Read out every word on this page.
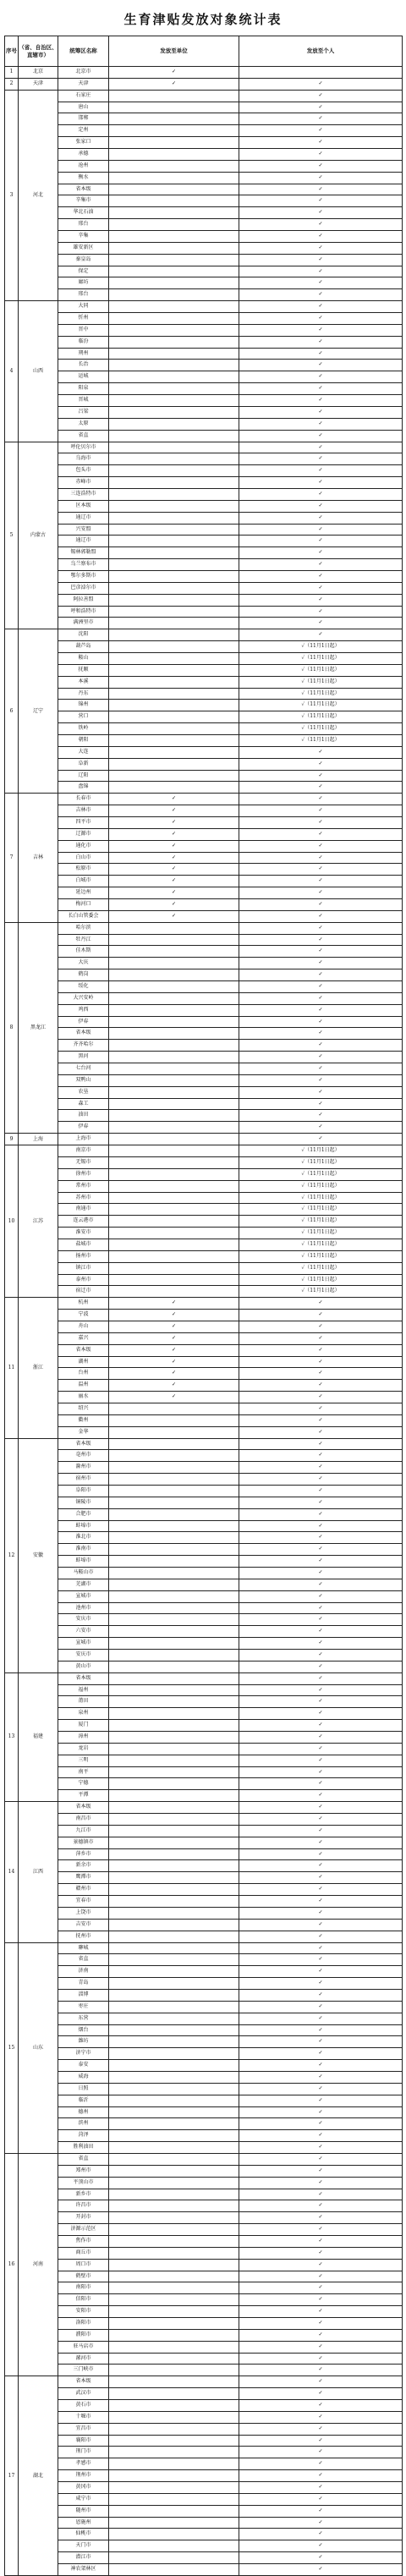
生育津贴发放对象统计表
序号	（省、自治区、直辖市）	统筹区名称	发放至单位	发放至个人
1	北京	北京市	✓	
2	天津	天津	✓	✓
3	河北	石家庄		✓
		唐山		✓
		邯郸		✓
		定州		✓
		张家口		✓
		承德		✓
		沧州		✓
		衡水		✓
		省本级		✓
		辛集市		✓
		华北石油		✓
		邢台		✓
		辛集		✓
		雄安新区		✓
		秦皇岛		✓
		保定		✓
		廊坊		✓
		邢台		✓
4	山西	大同		✓
		忻州		✓
		晋中		✓
		临汾		✓
		朔州		✓
		长治		✓
		运城		✓
		阳泉		✓
		晋城		✓
		吕梁		✓
		太原		✓
		省直		✓
5	内蒙古	呼伦贝尔市		✓
		乌海市		✓
		包头市		✓
		赤峰市		✓
		三连浩特市		✓
		区本级		✓
		通辽市		✓
		兴安盟		✓
		通辽市		✓
		锡林郭勒盟		✓
		乌兰察布市		✓
		鄂尔多斯市		✓
		巴彦淖尔市		✓
		阿拉善盟		✓
		呼和浩特市		✓
		满洲里市		✓
6	辽宁	沈阳		✓
		葫芦岛		✓（11月1日起）
		鞍山		✓（11月1日起）
		抚顺		✓（11月1日起）
		本溪		✓（11月1日起）
		丹东		✓（11月1日起）
		锦州		✓（11月1日起）
		营口		✓（11月1日起）
		铁岭		✓（11月1日起）
		朝阳		✓（11月1日起）
		大连		✓
		阜新		✓
		辽阳		✓
		盘锦		✓
7	吉林	长春市	✓	✓
		吉林市	✓	✓
		四平市	✓	✓
		辽源市	✓	✓
		通化市	✓	✓
		白山市	✓	✓
		松原市	✓	✓
		白城市	✓	✓
		延边州	✓	✓
		梅河口	✓	✓
		长白山管委会	✓	✓
8	黑龙江	哈尔滨		✓
		牡丹江		✓
		佳木斯		✓
		大庆		✓
		鹤岗		✓
		绥化		✓
		大兴安岭		✓
		鸡西		✓
		伊春		✓
		省本级		✓
		齐齐哈尔		✓
		黑河		✓
		七台河		✓
		双鸭山		✓
		农垦		✓
		森工		✓
		油田		✓
		伊春		✓
9	上海	上海市		✓
10	江苏	南京市		✓（11月1日起）
		无锡市		✓（11月1日起）
		徐州市		✓（11月1日起）
		常州市		✓（11月1日起）
		苏州市		✓（11月1日起）
		南通市		✓（11月1日起）
		连云港市		✓（11月1日起）
		淮安市		✓（11月1日起）
		盐城市		✓（11月1日起）
		扬州市		✓（11月1日起）
		镇江市		✓（11月1日起）
		泰州市		✓（11月1日起）
		宿迁市		✓（11月1日起）
11	浙江	杭州	✓	✓
		宁波	✓	✓
		舟山	✓	✓
		嘉兴	✓	✓
		省本级	✓	✓
		湖州	✓	✓
		台州	✓	✓
		温州	✓	✓
		丽水	✓	✓
		绍兴		✓
		衢州		✓
		金华		✓
12	安徽	省本级		✓
		亳州市		✓
		滁州市		✓
		宿州市		✓
		阜阳市		✓
		铜陵市		✓
		合肥市		✓
		蚌埠市		✓
		淮北市		✓
		淮南市		✓
		蚌埠市		✓
		马鞍山市		✓
		芜湖市		✓
		宣城市		✓
		池州市		✓
		安庆市		✓
		六安市		✓
		宣城市		✓
		安庆市		✓
		黄山市		✓
13	福建	省本级		✓
		福州		✓
		莆田		✓
		泉州		✓
		厦门		✓
		漳州		✓
		龙岩		✓
		三明		✓
		南平		✓
		宁德		✓
		平潭		✓
14	江西	省本级		✓
		南昌市		✓
		九江市		✓
		景德镇市		✓
		萍乡市		✓
		新余市		✓
		鹰潭市		✓
		赣州市		✓
		宜春市		✓
		上饶市		✓
		吉安市		✓
		抚州市		✓
15	山东	聊城		✓
		省直		✓
		济南		✓
		青岛		✓
		淄博		✓
		枣庄		✓
		东营		✓
		烟台		✓
		潍坊		✓
		济宁市		✓
		泰安		✓
		威海		✓
		日照		✓
		临沂		✓
		德州		✓
		滨州		✓
		菏泽		✓
		胜利油田		✓
16	河南	省直		✓
		郑州市		✓
		平顶山市		✓
		新乡市		✓
		许昌市		✓
		开封市		✓
		济源示范区		✓
		焦作市		✓
		商丘市		✓
		周口市		✓
		鹤壁市		✓
		南阳市		✓
		信阳市		✓
		安阳市		✓
		洛阳市		✓
		濮阳市		✓
		驻马店市		✓
		漯河市		✓
		三门峡市		✓
17	湖北	省本级		✓
		武汉市		✓
		黄石市		✓
		十堰市		✓
		宜昌市		✓
		襄阳市		✓
		荆门市		✓
		孝感市		✓
		荆州市		✓
		黄冈市		✓
		咸宁市		✓
		随州市		✓
		恩施州		✓
		仙桃市		✓
		天门市		✓
		潜江市		✓
		神农架林区		✓
